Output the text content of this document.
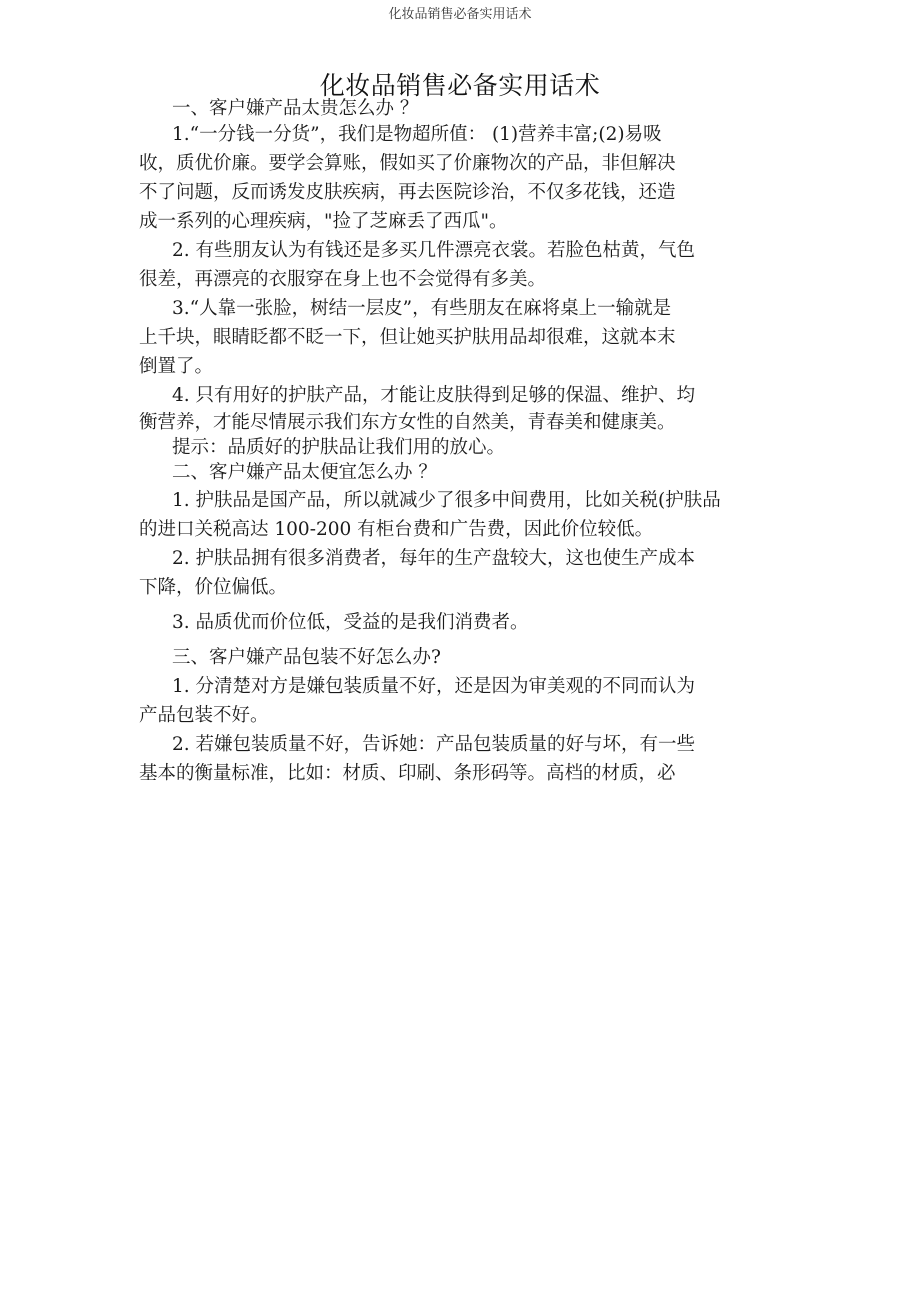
化妆品销售必备实用话术
化妆品销售必备实用话术
一、客户嫌产品太贵怎么办 ？
1.“一分钱一分货”，我们是物超所值： (1)营养丰富;(2)易吸
收，质优价廉。要学会算账，假如买了价廉物次的产品，非但解决
不了问题，反而诱发皮肤疾病，再去医院诊治，不仅多花钱，还造
成一系列的心理疾病，"捡了芝麻丢了西瓜"。
2. 有些朋友认为有钱还是多买几件漂亮衣裳。若脸色枯黄，气色
很差，再漂亮的衣服穿在身上也不会觉得有多美。
3.“人靠一张脸，树结一层皮”，有些朋友在麻将桌上一输就是
上千块，眼睛眨都不眨一下，但让她买护肤用品却很难，这就本末
倒置了。
4. 只有用好的护肤产品，才能让皮肤得到足够的保温、维护、均
衡营养，才能尽情展示我们东方女性的自然美，青春美和健康美。
提示：品质好的护肤品让我们用的放心。
二、客户嫌产品太便宜怎么办 ？
1. 护肤品是国产品，所以就减少了很多中间费用，比如关税(护肤品
的进口关税高达 100-200 有柜台费和广告费，因此价位较低。
2. 护肤品拥有很多消费者，每年的生产盘较大，这也使生产成本
下降，价位偏低。
3. 品质优而价位低，受益的是我们消费者。
三、客户嫌产品包装不好怎么办?
1. 分清楚对方是嫌包装质量不好，还是因为审美观的不同而认为
产品包装不好。
2. 若嫌包装质量不好，告诉她：产品包装质量的好与坏，有一些
基本的衡量标准，比如：材质、印刷、条形码等。高档的材质，必
